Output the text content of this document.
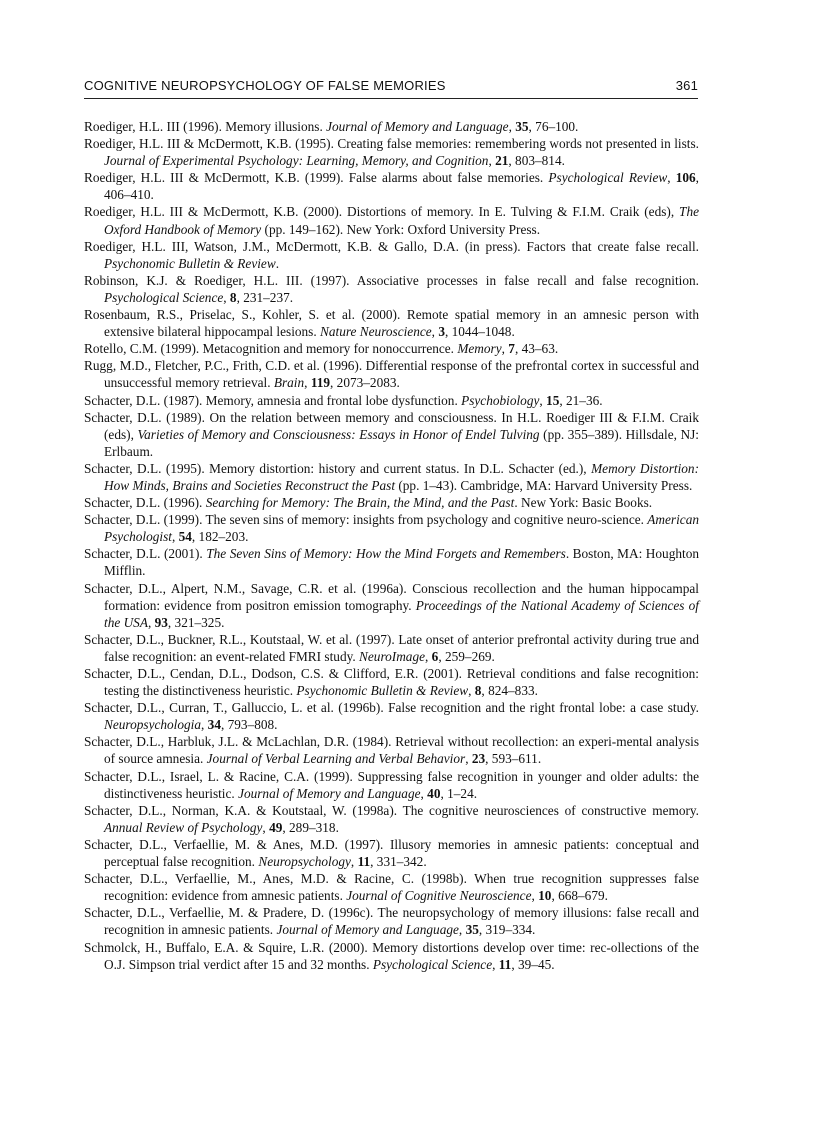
COGNITIVE NEUROPSYCHOLOGY OF FALSE MEMORIES	361

Roediger, H.L. III (1996). Memory illusions. Journal of Memory and Language, 35, 76–100.

Roediger, H.L. III & McDermott, K.B. (1995). Creating false memories: remembering words not presented in lists. Journal of Experimental Psychology: Learning, Memory, and Cognition, 21, 803–814.

Roediger, H.L. III & McDermott, K.B. (1999). False alarms about false memories. Psychological Review, 106, 406–410.

Roediger, H.L. III & McDermott, K.B. (2000). Distortions of memory. In E. Tulving & F.I.M. Craik (eds), The Oxford Handbook of Memory (pp. 149–162). New York: Oxford University Press.

Roediger, H.L. III, Watson, J.M., McDermott, K.B. & Gallo, D.A. (in press). Factors that create false recall. Psychonomic Bulletin & Review.

Robinson, K.J. & Roediger, H.L. III. (1997). Associative processes in false recall and false recognition. Psychological Science, 8, 231–237.

Rosenbaum, R.S., Priselac, S., Kohler, S. et al. (2000). Remote spatial memory in an amnesic person with extensive bilateral hippocampal lesions. Nature Neuroscience, 3, 1044–1048.

Rotello, C.M. (1999). Metacognition and memory for nonoccurrence. Memory, 7, 43–63.

Rugg, M.D., Fletcher, P.C., Frith, C.D. et al. (1996). Differential response of the prefrontal cortex in successful and unsuccessful memory retrieval. Brain, 119, 2073–2083.

Schacter, D.L. (1987). Memory, amnesia and frontal lobe dysfunction. Psychobiology, 15, 21–36.

Schacter, D.L. (1989). On the relation between memory and consciousness. In H.L. Roediger III & F.I.M. Craik (eds), Varieties of Memory and Consciousness: Essays in Honor of Endel Tulving (pp. 355–389). Hillsdale, NJ: Erlbaum.

Schacter, D.L. (1995). Memory distortion: history and current status. In D.L. Schacter (ed.), Memory Distortion: How Minds, Brains and Societies Reconstruct the Past (pp. 1–43). Cambridge, MA: Harvard University Press.

Schacter, D.L. (1996). Searching for Memory: The Brain, the Mind, and the Past. New York: Basic Books.

Schacter, D.L. (1999). The seven sins of memory: insights from psychology and cognitive neuro-science. American Psychologist, 54, 182–203.

Schacter, D.L. (2001). The Seven Sins of Memory: How the Mind Forgets and Remembers. Boston, MA: Houghton Mifflin.

Schacter, D.L., Alpert, N.M., Savage, C.R. et al. (1996a). Conscious recollection and the human hippocampal formation: evidence from positron emission tomography. Proceedings of the National Academy of Sciences of the USA, 93, 321–325.

Schacter, D.L., Buckner, R.L., Koutstaal, W. et al. (1997). Late onset of anterior prefrontal activity during true and false recognition: an event-related FMRI study. NeuroImage, 6, 259–269.

Schacter, D.L., Cendan, D.L., Dodson, C.S. & Clifford, E.R. (2001). Retrieval conditions and false recognition: testing the distinctiveness heuristic. Psychonomic Bulletin & Review, 8, 824–833.

Schacter, D.L., Curran, T., Galluccio, L. et al. (1996b). False recognition and the right frontal lobe: a case study. Neuropsychologia, 34, 793–808.

Schacter, D.L., Harbluk, J.L. & McLachlan, D.R. (1984). Retrieval without recollection: an experi-mental analysis of source amnesia. Journal of Verbal Learning and Verbal Behavior, 23, 593–611.

Schacter, D.L., Israel, L. & Racine, C.A. (1999). Suppressing false recognition in younger and older adults: the distinctiveness heuristic. Journal of Memory and Language, 40, 1–24.

Schacter, D.L., Norman, K.A. & Koutstaal, W. (1998a). The cognitive neurosciences of constructive memory. Annual Review of Psychology, 49, 289–318.

Schacter, D.L., Verfaellie, M. & Anes, M.D. (1997). Illusory memories in amnesic patients: conceptual and perceptual false recognition. Neuropsychology, 11, 331–342.

Schacter, D.L., Verfaellie, M., Anes, M.D. & Racine, C. (1998b). When true recognition suppresses false recognition: evidence from amnesic patients. Journal of Cognitive Neuroscience, 10, 668–679.

Schacter, D.L., Verfaellie, M. & Pradere, D. (1996c). The neuropsychology of memory illusions: false recall and recognition in amnesic patients. Journal of Memory and Language, 35, 319–334.

Schmolck, H., Buffalo, E.A. & Squire, L.R. (2000). Memory distortions develop over time: rec-ollections of the O.J. Simpson trial verdict after 15 and 32 months. Psychological Science, 11, 39–45.
